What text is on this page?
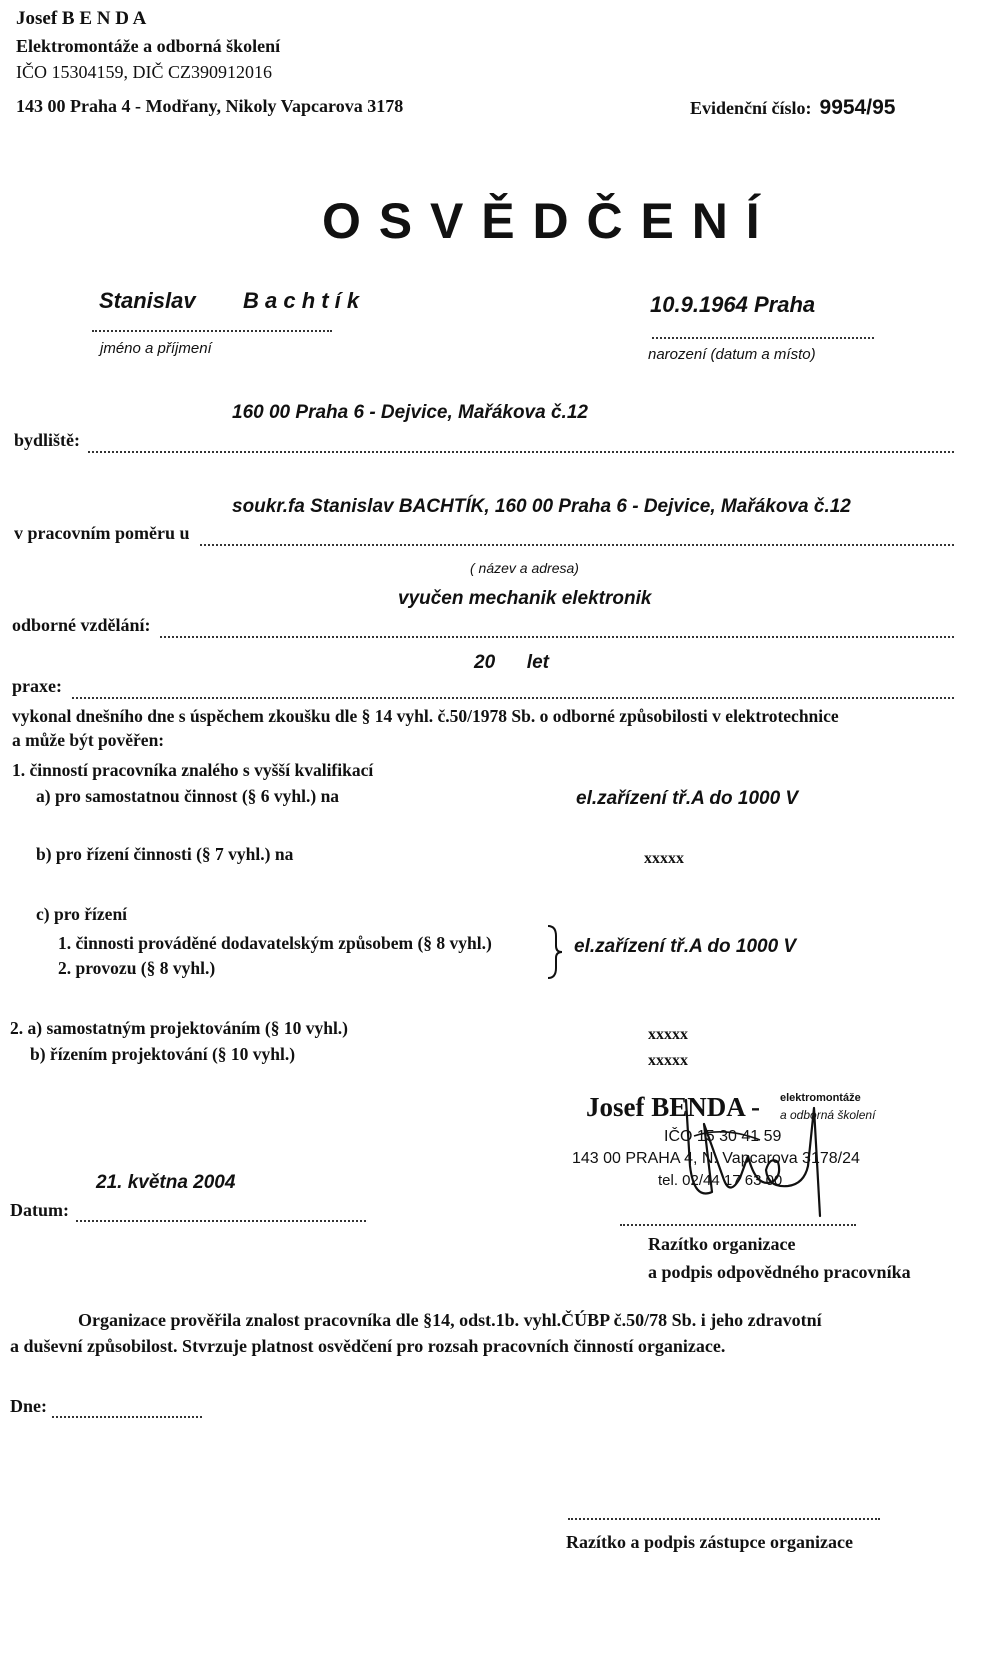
Josef B E N D A
Elektromontáže a odborná školení
IČO 15304159, DIČ CZ390912016
143 00 Praha 4 - Modřany, Nikoly Vapcarova 3178	Evidenční číslo: 9954/95
O S V Ě D Č E N Í
Stanislav B a c h t í k
jméno a příjmení
10.9.1964 Praha
narození (datum a místo)
160 00 Praha 6 - Dejvice, Mařákova č.12
bydliště:
soukr.fa Stanislav BACHTÍK, 160 00 Praha 6 - Dejvice, Mařákova č.12
v pracovním poměru u
( název a adresa)
vyučen mechanik elektronik
odborné vzdělání:
20      let
praxe:
vykonal dnešního dne s úspěchem zkoušku dle § 14 vyhl. č.50/1978 Sb. o odborné způsobilosti v elektrotechnice
a může být pověřen:
1. činností pracovníka znalého s vyšší kvalifikací
a) pro samostatnou činnost (§ 6 vyhl.) na	el.zařízení tř.A do 1000 V
b) pro řízení činnosti (§ 7 vyhl.) na	xxxxx
c) pro řízení
1. činnosti prováděné dodavatelským způsobem (§ 8 vyhl.)
2. provozu (§ 8 vyhl.)
el.zařízení tř.A do 1000 V
2. a) samostatným projektováním (§ 10 vyhl.)	xxxxx
b) řízením projektování (§ 10 vyhl.)	xxxxx
Josef BENDA - elektromontáže
a odborná školení
IČO 15 30 41 59
143 00 PRAHA 4, N. Vapcarova 3178/24
tel. 02/44 17 63 00
21. května 2004
Datum:
Razítko organizace
a podpis odpovědného pracovníka
Organizace prověřila znalost pracovníka dle §14, odst.1b. vyhl.ČÚBP č.50/78 Sb. i jeho zdravotní
a duševní způsobilost. Stvrzuje platnost osvědčení pro rozsah pracovních činností organizace.
Dne:
Razítko a podpis zástupce organizace
